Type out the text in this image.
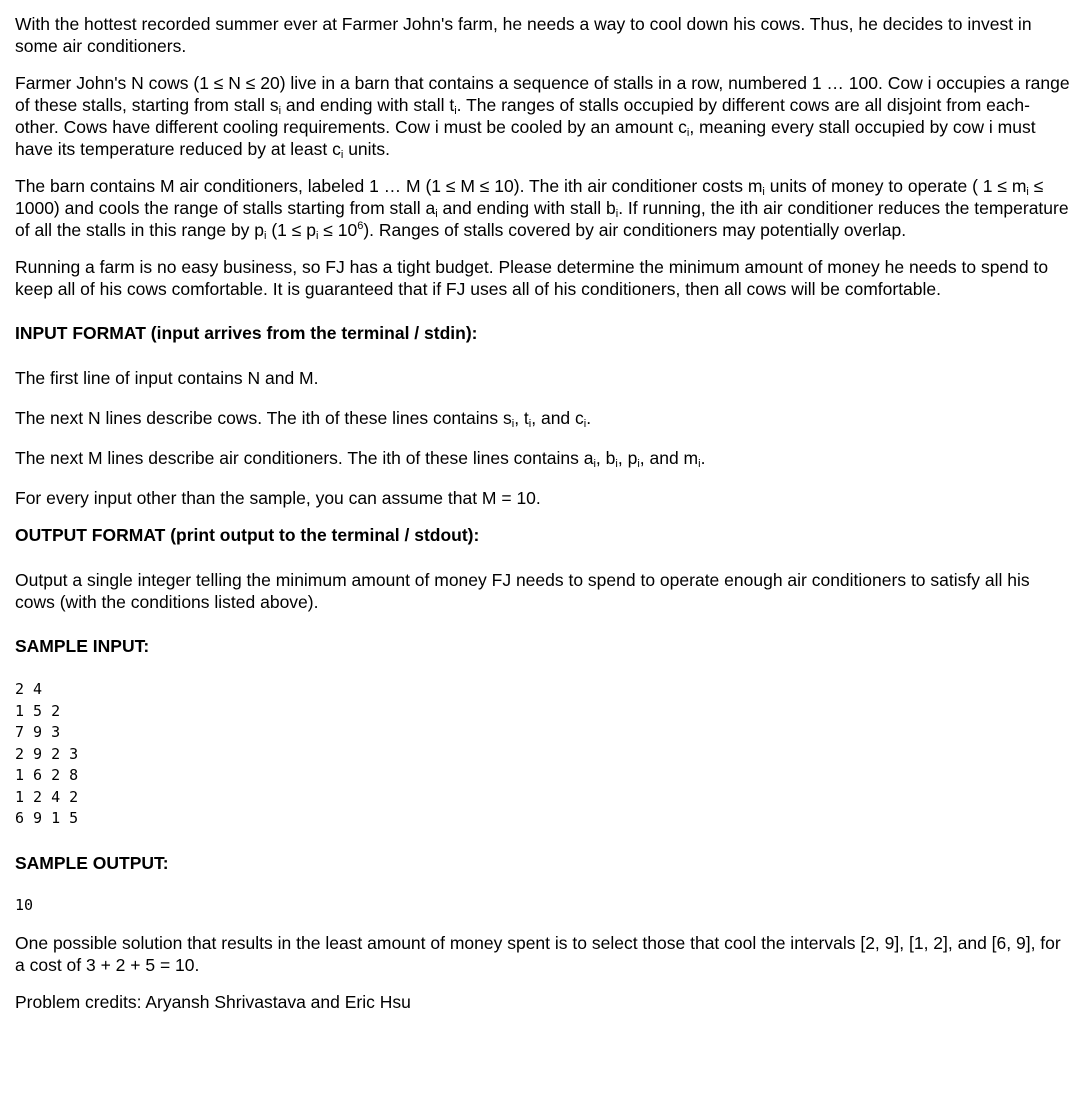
With the hottest recorded summer ever at Farmer John's farm, he needs a way to cool down his cows. Thus, he decides to invest in some air conditioners.

Farmer John's N cows (1 ≤ N ≤ 20) live in a barn that contains a sequence of stalls in a row, numbered 1 … 100. Cow i occupies a range of these stalls, starting from stall $s_i$ and ending with stall $t_i$. The ranges of stalls occupied by different cows are all disjoint from each-other. Cows have different cooling requirements. Cow i must be cooled by an amount $c_i$, meaning every stall occupied by cow i must have its temperature reduced by at least $c_i$ units.

The barn contains M air conditioners, labeled 1 … M (1 ≤ M ≤ 10). The ith air conditioner costs $m_i$ units of money to operate ( $1 \le m_i \le 1000$) and cools the range of stalls starting from stall $a_i$ and ending with stall $b_i$. If running, the ith air conditioner reduces the temperature of all the stalls in this range by $p_i$ $(1 \le p_i \le 10^6)$. Ranges of stalls covered by air conditioners may potentially overlap.

Running a farm is no easy business, so FJ has a tight budget. Please determine the minimum amount of money he needs to spend to keep all of his cows comfortable. It is guaranteed that if FJ uses all of his conditioners, then all cows will be comfortable.

INPUT FORMAT (input arrives from the terminal / stdin):

The first line of input contains N and M.

The next N lines describe cows. The ith of these lines contains $s_i$, $t_i$, and $c_i$.

The next M lines describe air conditioners. The ith of these lines contains $a_i$, $b_i$, $p_i$, and $m_i$.

For every input other than the sample, you can assume that M = 10.

OUTPUT FORMAT (print output to the terminal / stdout):

Output a single integer telling the minimum amount of money FJ needs to spend to operate enough air conditioners to satisfy all his cows (with the conditions listed above).

SAMPLE INPUT:
2 4
1 5 2
7 9 3
2 9 2 3
1 6 2 8
1 2 4 2
6 9 1 5
SAMPLE OUTPUT:
10

One possible solution that results in the least amount of money spent is to select those that cool the intervals [2, 9], [1, 2], and [6, 9], for a cost of 3 + 2 + 5 = 10.

Problem credits: Aryansh Shrivastava and Eric Hsu
